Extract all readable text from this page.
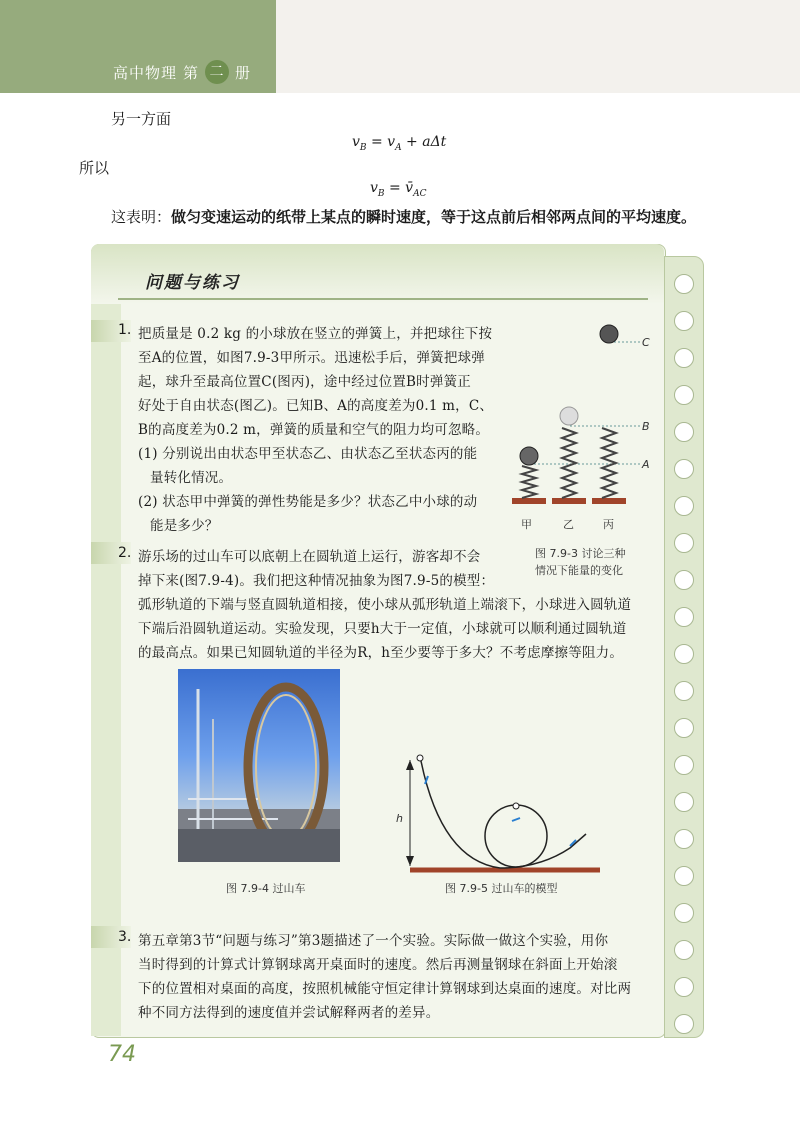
高中物理 第 二 册
另一方面
$v_B = v_A + a\Delta t$
所以
$v_B$ = $v̄_{AC}$
这表明：做匀变速运动的纸带上某点的瞬时速度，等于这点前后相邻两点间的平均速度。
问题与练习
1. 把质量是 0.2 kg 的小球放在竖立的弹簧上，并把球往下按
至A的位置，如图7.9-3甲所示。迅速松手后，弹簧把球弹
起，球升至最高位置C(图丙)，途中经过位置B时弹簧正
好处于自由状态(图乙)。已知B、A的高度差为0.1 m，C、
B的高度差为0.2 m，弹簧的质量和空气的阻力均可忽略。
(1) 分别说出由状态甲至状态乙、由状态乙至状态丙的能
量转化情况。
(2) 状态甲中弹簧的弹性势能是多少？状态乙中小球的动
能是多少？
C
B
A
甲	乙	丙
图 7.9-3 讨论三种
情况下能量的变化
2. 游乐场的过山车可以底朝上在圆轨道上运行，游客却不会
掉下来(图7.9-4)。我们把这种情况抽象为图7.9-5的模型：
弧形轨道的下端与竖直圆轨道相接，使小球从弧形轨道上端滚下，小球进入圆轨道
下端后沿圆轨道运动。实验发现，只要h大于一定值，小球就可以顺利通过圆轨道
的最高点。如果已知圆轨道的半径为R，h至少要等于多大？不考虑摩擦等阻力。
图 7.9-4 过山车
h
图 7.9-5 过山车的模型
3. 第五章第3节“问题与练习”第3题描述了一个实验。实际做一做这个实验，用你
当时得到的计算式计算钢球离开桌面时的速度。然后再测量钢球在斜面上开始滚
下的位置相对桌面的高度，按照机械能守恒定律计算钢球到达桌面的速度。对比两
种不同方法得到的速度值并尝试解释两者的差异。
74
